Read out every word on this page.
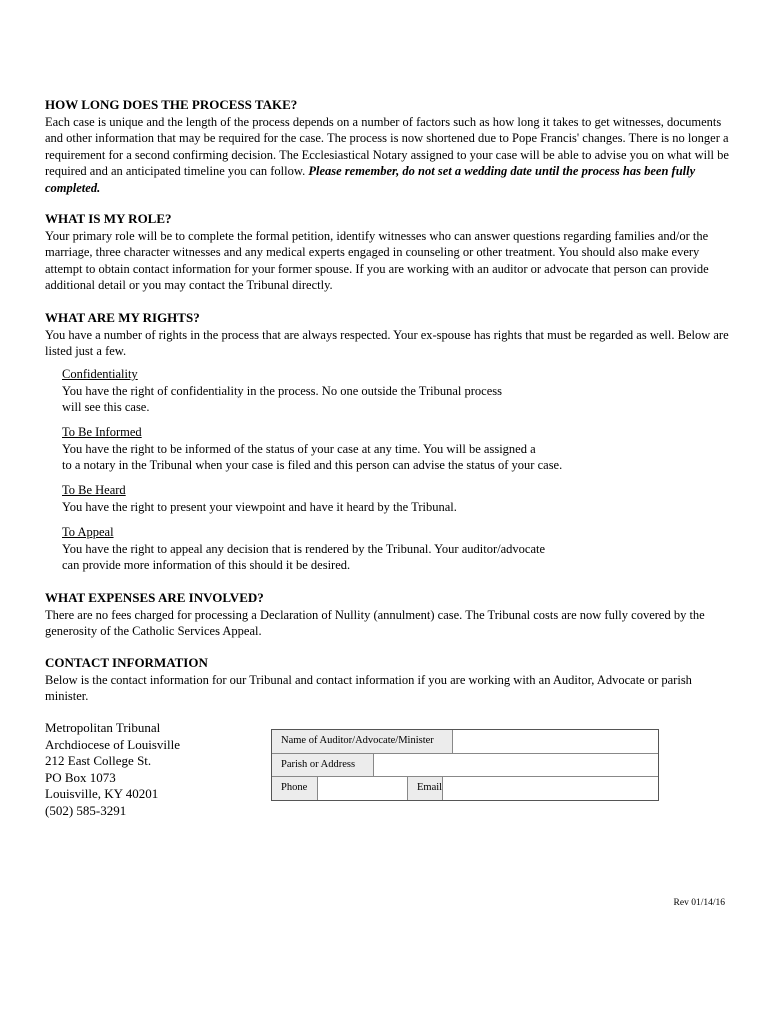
HOW LONG DOES THE PROCESS TAKE?

Each case is unique and the length of the process depends on a number of factors such as how long it takes to get witnesses, documents and other information that may be required for the case. The process is now shortened due to Pope Francis' changes. There is no longer a requirement for a second confirming decision. The Ecclesiastical Notary assigned to your case will be able to advise you on what will be required and an anticipated timeline you can follow. Please remember, do not set a wedding date until the process has been fully completed.

WHAT IS MY ROLE?

Your primary role will be to complete the formal petition, identify witnesses who can answer questions regarding families and/or the marriage, three character witnesses and any medical experts engaged in counseling or other treatment. You should also make every attempt to obtain contact information for your former spouse. If you are working with an auditor or advocate that person can provide additional detail or you may contact the Tribunal directly.

WHAT ARE MY RIGHTS?

You have a number of rights in the process that are always respected. Your ex-spouse has rights that must be regarded as well. Below are listed just a few.

Confidentiality

You have the right of confidentiality in the process. No one outside the Tribunal process

will see this case.

To Be Informed

You have the right to be informed of the status of your case at any time. You will be assigned a

to a notary in the Tribunal when your case is filed and this person can advise the status of your case.

To Be Heard

You have the right to present your viewpoint and have it heard by the Tribunal.

To Appeal

You have the right to appeal any decision that is rendered by the Tribunal. Your auditor/advocate

can provide more information of this should it be desired.

WHAT EXPENSES ARE INVOLVED?

There are no fees charged for processing a Declaration of Nullity (annulment) case. The Tribunal costs are now fully covered by the generosity of the Catholic Services Appeal.

CONTACT INFORMATION

Below is the contact information for our Tribunal and contact information if you are working with an Auditor, Advocate or parish minister.

Metropolitan Tribunal
Archdiocese of Louisville
212 East College St.
PO Box 1073
Louisville, KY 40201
(502) 585-3291
Name of Auditor/Advocate/Minister
Parish or Address
Phone	Email
Rev 01/14/16
